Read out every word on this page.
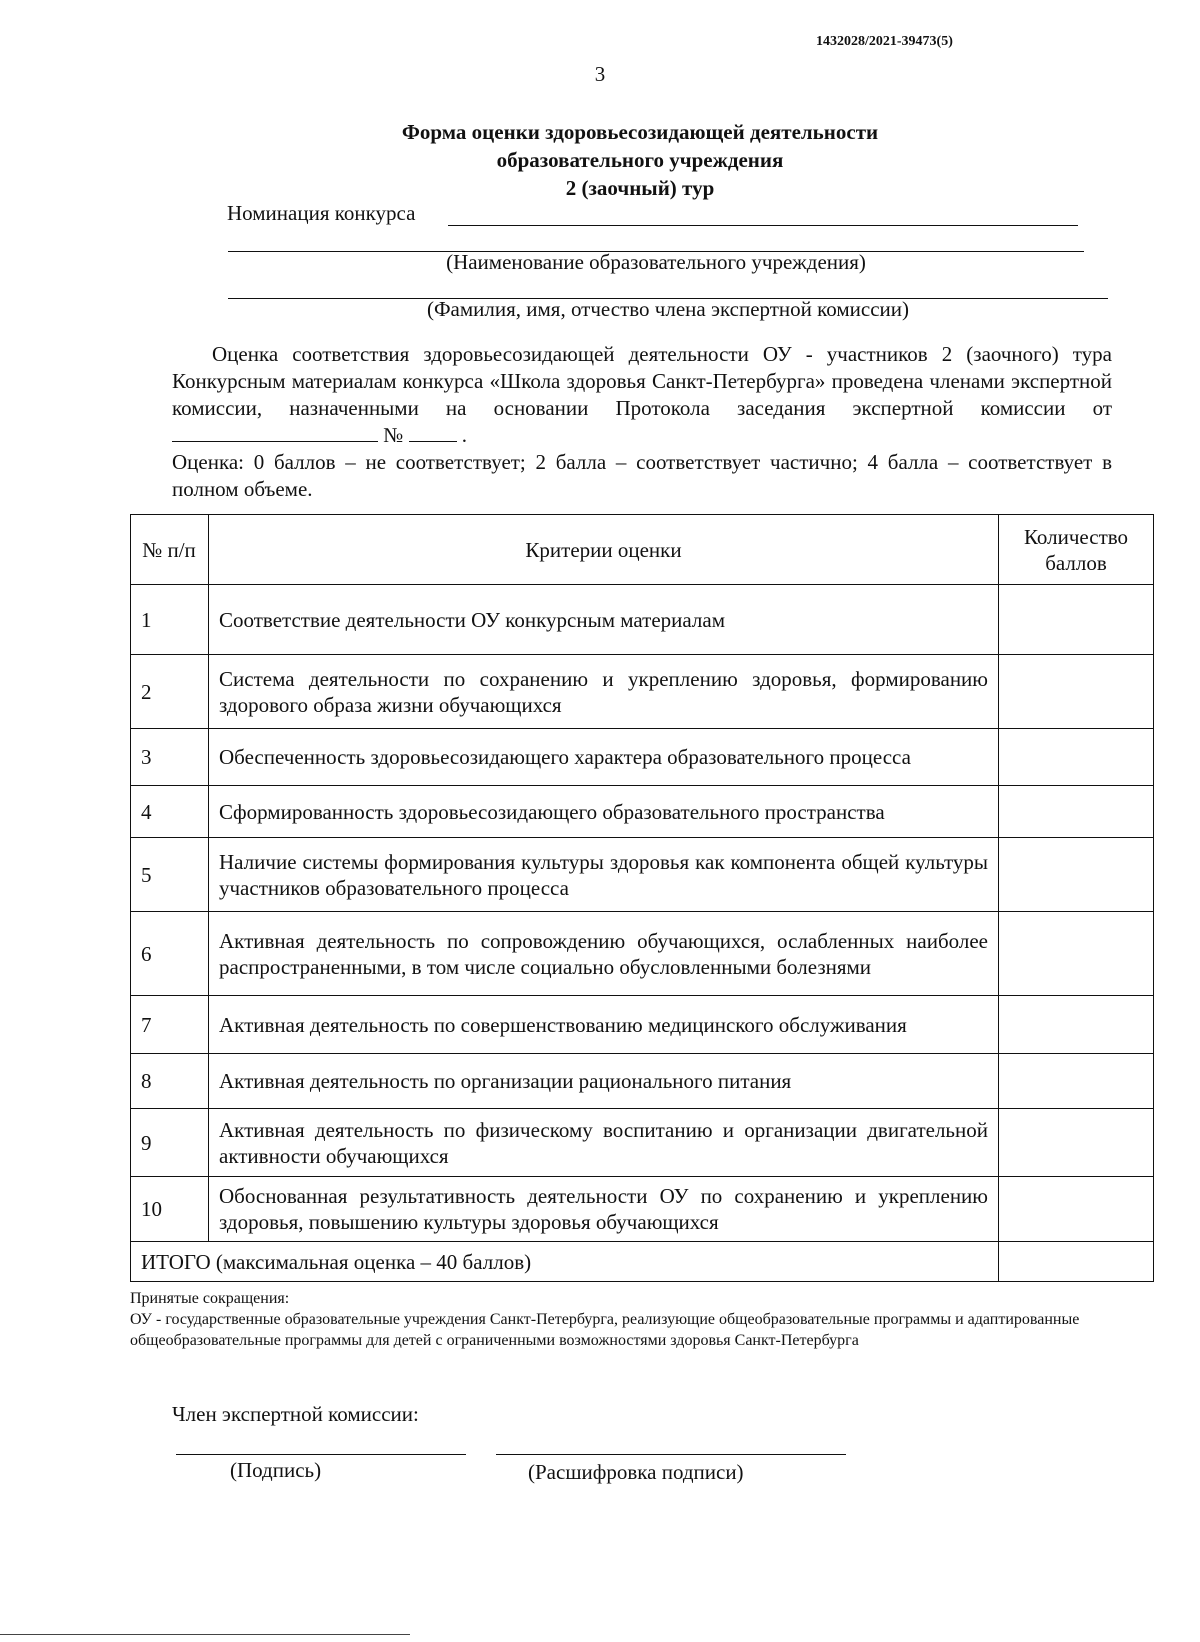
1432028/2021-39473(5)
3
Форма оценки здоровьесозидающей деятельности
образовательного учреждения
2 (заочный) тур
Номинация конкурса
(Наименование образовательного учреждения)
(Фамилия, имя, отчество члена экспертной комиссии)

Оценка соответствия здоровьесозидающей деятельности ОУ - участников 2 (заочного) тура Конкурсным материалам конкурса «Школа здоровья Санкт-Петербурга» проведена членами экспертной комиссии, назначенными на основании Протокола заседания экспертной комиссии от  №	.

Оценка: 0 баллов – не соответствует; 2 балла – соответствует частично; 4 балла – соответствует в полном объеме.

№ п/п	Критерии оценки	Количество баллов
1	Соответствие деятельности ОУ конкурсным материалам	
2	Система деятельности по сохранению и укреплению здоровья, формированию здорового образа жизни обучающихся	
3	Обеспеченность здоровьесозидающего характера образовательного процесса	
4	Сформированность здоровьесозидающего образовательного пространства	
5	Наличие системы формирования культуры здоровья как компонента общей культуры участников образовательного процесса	
6	Активная деятельность по сопровождению обучающихся, ослабленных наиболее распространенными, в том числе социально обусловленными болезнями	
7	Активная деятельность по совершенствованию медицинского обслуживания	
8	Активная деятельность по организации рационального питания	
9	Активная деятельность по физическому воспитанию и организации двигательной активности обучающихся	
10	Обоснованная результативность деятельности ОУ по сохранению и укреплению здоровья, повышению культуры здоровья обучающихся	
ИТОГО (максимальная оценка – 40 баллов)		
Принятые сокращения:
ОУ - государственные образовательные учреждения Санкт-Петербурга, реализующие общеобразовательные программы и адаптированные общеобразовательные программы для детей с ограниченными возможностями здоровья Санкт-Петербурга
Член экспертной комиссии:
(Подпись)	(Расшифровка подписи)
